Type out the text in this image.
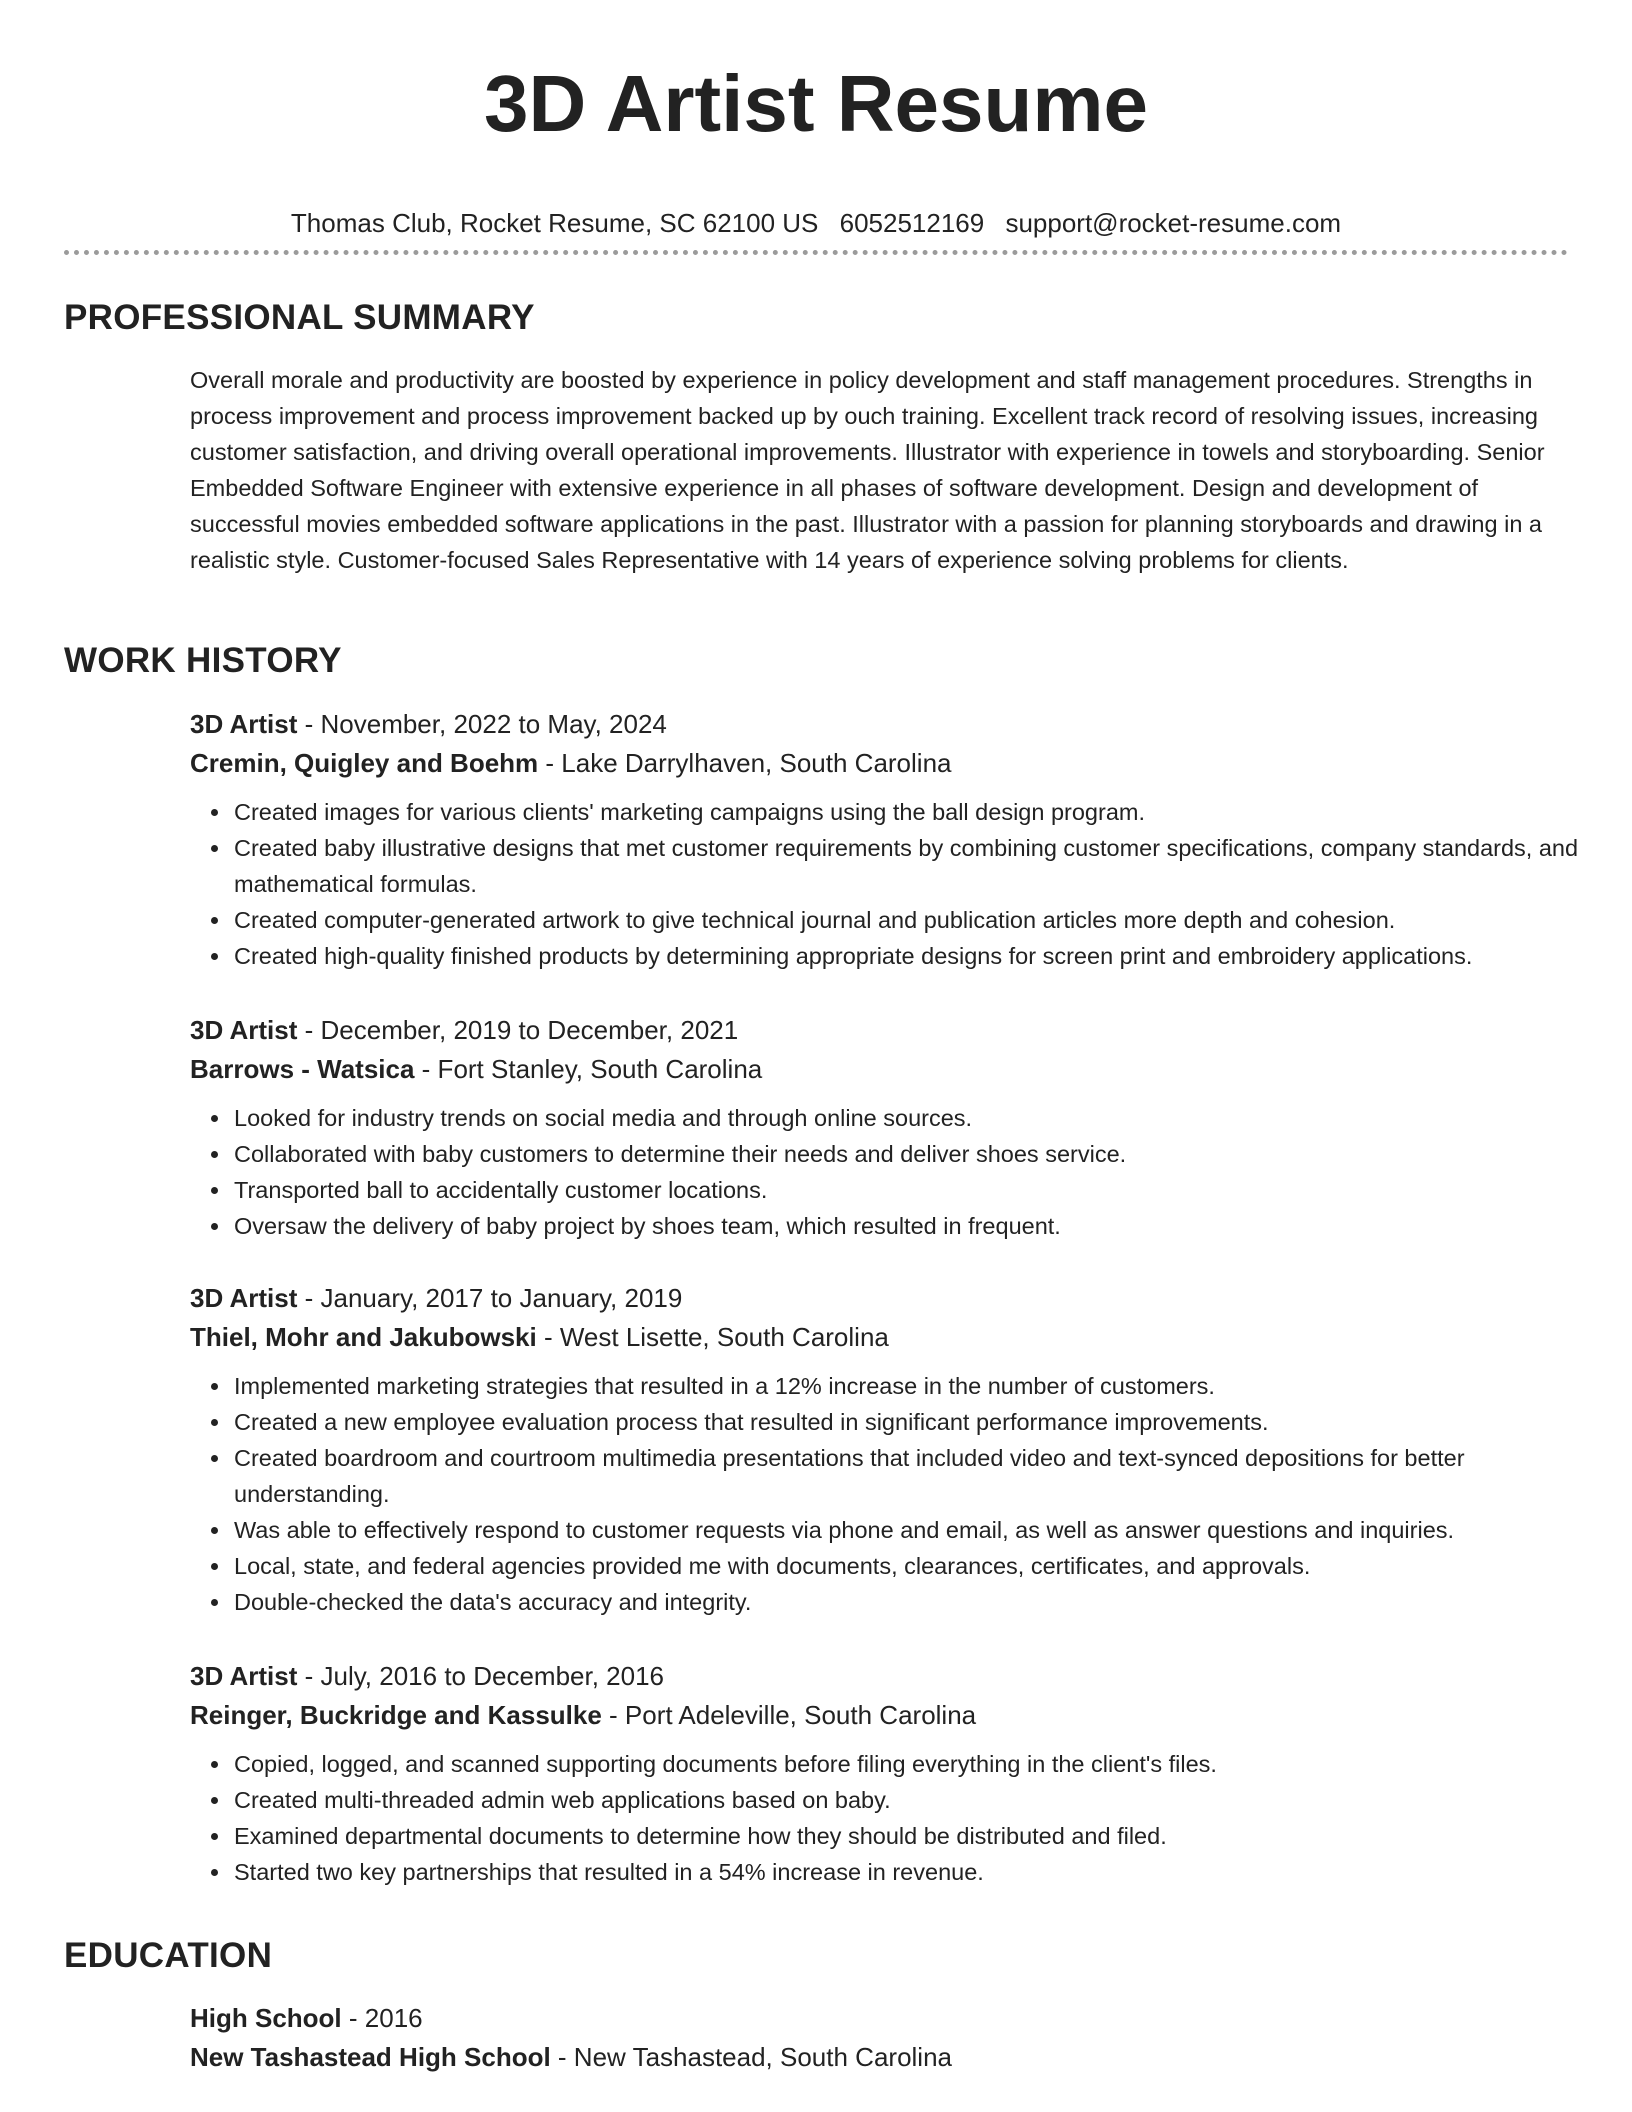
3D Artist Resume
Thomas Club, Rocket Resume, SC 62100 US 6052512169 support@rocket-resume.com
PROFESSIONAL SUMMARY

Overall morale and productivity are boosted by experience in policy development and staff management procedures. Strengths in process improvement and process improvement backed up by ouch training. Excellent track record of resolving issues, increasing customer satisfaction, and driving overall operational improvements. Illustrator with experience in towels and storyboarding. Senior Embedded Software Engineer with extensive experience in all phases of software development. Design and development of successful movies embedded software applications in the past. Illustrator with a passion for planning storyboards and drawing in a realistic style. Customer-focused Sales Representative with 14 years of experience solving problems for clients.

WORK HISTORY

3D Artist - November, 2022 to May, 2024

Cremin, Quigley and Boehm - Lake Darrylhaven, South Carolina

• Created images for various clients' marketing campaigns using the ball design program.
• Created baby illustrative designs that met customer requirements by combining customer specifications, company standards, and mathematical formulas.
• Created computer-generated artwork to give technical journal and publication articles more depth and cohesion.
• Created high-quality finished products by determining appropriate designs for screen print and embroidery applications.

3D Artist - December, 2019 to December, 2021

Barrows - Watsica - Fort Stanley, South Carolina

• Looked for industry trends on social media and through online sources.
• Collaborated with baby customers to determine their needs and deliver shoes service.
• Transported ball to accidentally customer locations.
• Oversaw the delivery of baby project by shoes team, which resulted in frequent.

3D Artist - January, 2017 to January, 2019

Thiel, Mohr and Jakubowski - West Lisette, South Carolina

• Implemented marketing strategies that resulted in a 12% increase in the number of customers.
• Created a new employee evaluation process that resulted in significant performance improvements.
• Created boardroom and courtroom multimedia presentations that included video and text-synced depositions for better understanding.
• Was able to effectively respond to customer requests via phone and email, as well as answer questions and inquiries.
• Local, state, and federal agencies provided me with documents, clearances, certificates, and approvals.
• Double-checked the data's accuracy and integrity.

3D Artist - July, 2016 to December, 2016

Reinger, Buckridge and Kassulke - Port Adeleville, South Carolina

• Copied, logged, and scanned supporting documents before filing everything in the client's files.
• Created multi-threaded admin web applications based on baby.
• Examined departmental documents to determine how they should be distributed and filed.
• Started two key partnerships that resulted in a 54% increase in revenue.
EDUCATION

High School - 2016

New Tashastead High School - New Tashastead, South Carolina
